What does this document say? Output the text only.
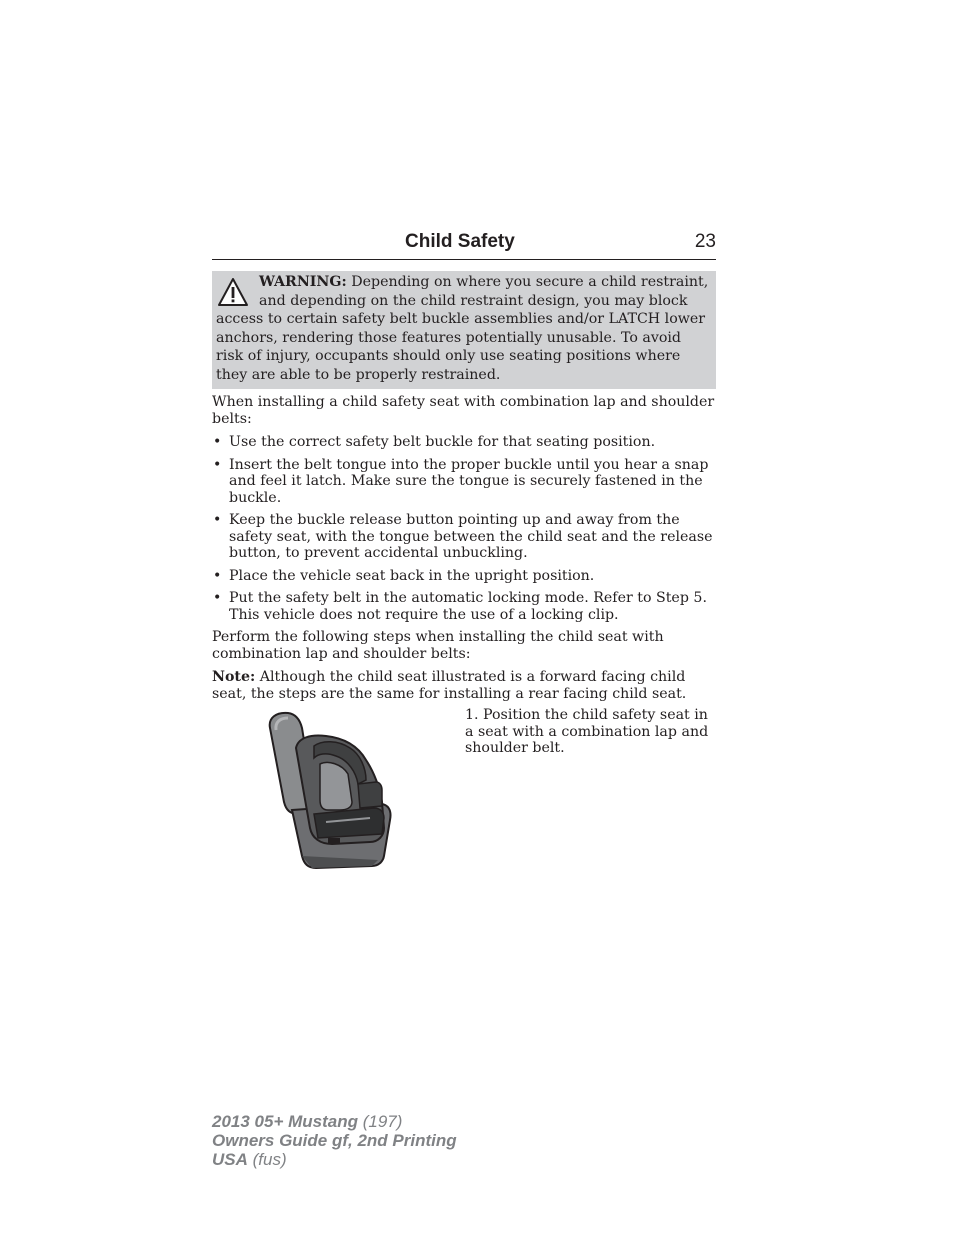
Child Safety	23

WARNING: Depending on where you secure a child restraint, and depending on the child restraint design, you may block access to certain safety belt buckle assemblies and/or LATCH lower anchors, rendering those features potentially unusable. To avoid risk of injury, occupants should only use seating positions where they are able to be properly restrained.

When installing a child safety seat with combination lap and shoulder belts:

• Use the correct safety belt buckle for that seating position.
• Insert the belt tongue into the proper buckle until you hear a snap and feel it latch. Make sure the tongue is securely fastened in the buckle.
• Keep the buckle release button pointing up and away from the safety seat, with the tongue between the child seat and the release button, to prevent accidental unbuckling.
• Place the vehicle seat back in the upright position.
• Put the safety belt in the automatic locking mode. Refer to Step 5. This vehicle does not require the use of a locking clip.

Perform the following steps when installing the child seat with combination lap and shoulder belts:

Note: Although the child seat illustrated is a forward facing child seat, the steps are the same for installing a rear facing child seat.

1. Position the child safety seat in a seat with a combination lap and shoulder belt.

2013 05+ Mustang (197)
Owners Guide gf, 2nd Printing
USA (fus)
